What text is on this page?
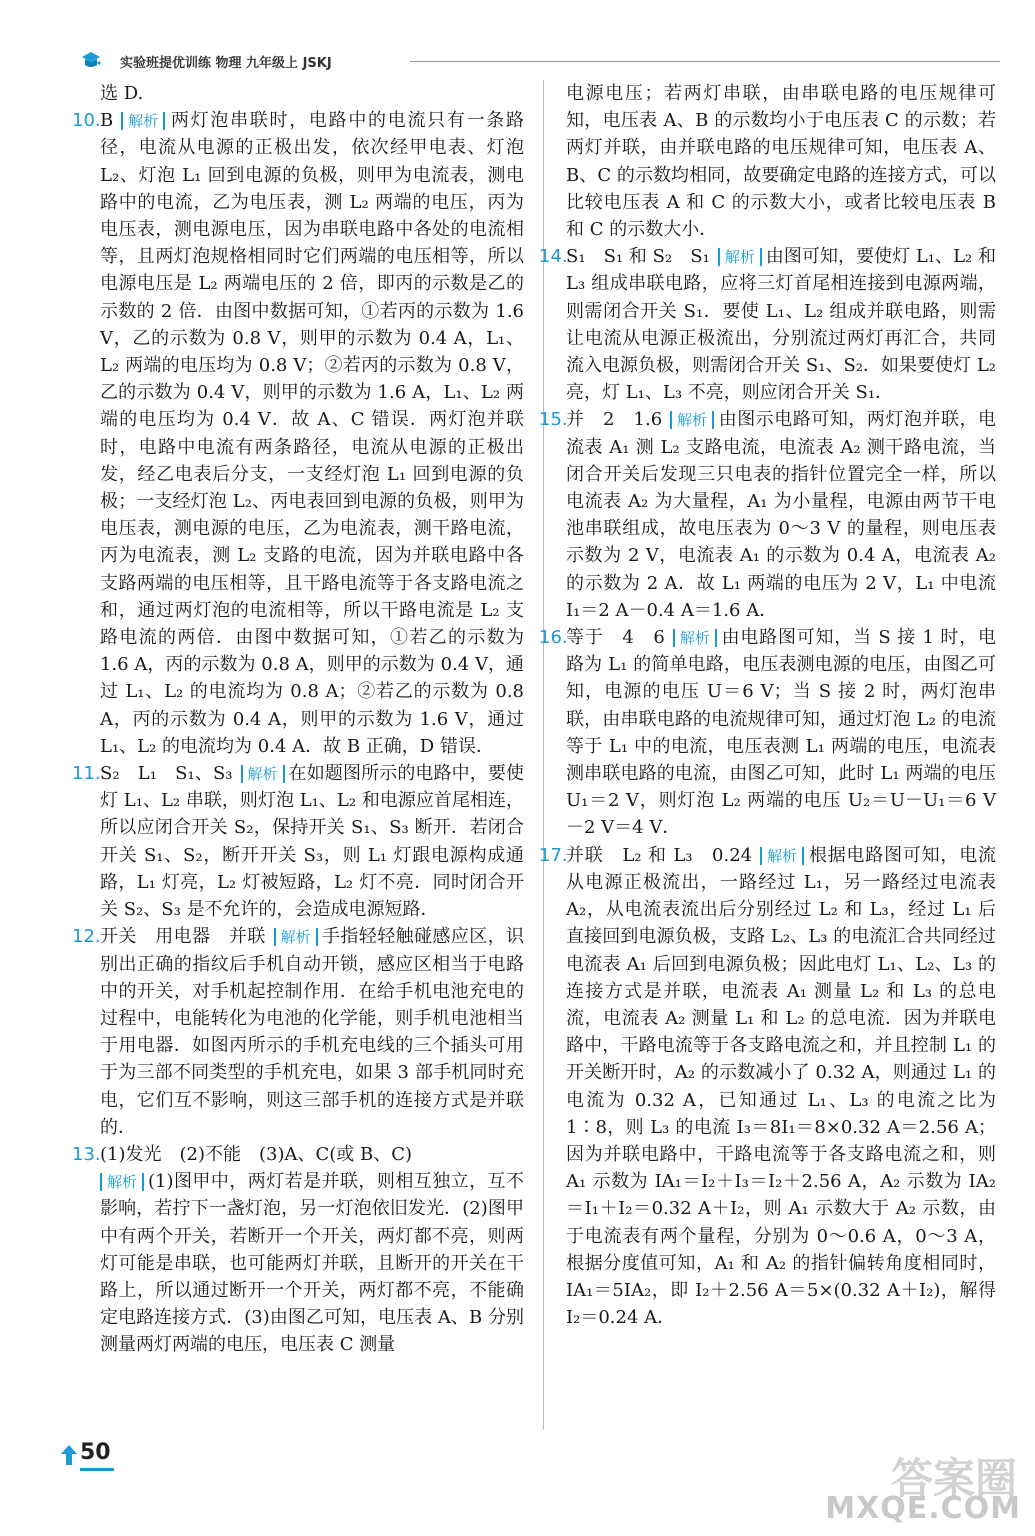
实验班提优训练 物理 九年级上 JSKJ

选 D.

10. B 解析 两灯泡串联时，电路中的电流只有一条路径，电流从电源的正极出发，依次经甲电表、灯泡 L₂、灯泡 L₁ 回到电源的负极，则甲为电流表，测电路中的电流，乙为电压表，测 L₂ 两端的电压，丙为电压表，测电源电压，因为串联电路中各处的电流相等，且两灯泡规格相同时它们两端的电压相等，所以电源电压是 L₂ 两端电压的 2 倍，即丙的示数是乙的示数的 2 倍．由图中数据可知，①若丙的示数为 1.6 V，乙的示数为 0.8 V，则甲的示数为 0.4 A，L₁、L₂ 两端的电压均为 0.8 V；②若丙的示数为 0.8 V，乙的示数为 0.4 V，则甲的示数为 1.6 A，L₁、L₂ 两端的电压均为 0.4 V．故 A、C 错误．两灯泡并联时，电路中电流有两条路径，电流从电源的正极出发，经乙电表后分支，一支经灯泡 L₁ 回到电源的负极；一支经灯泡 L₂、丙电表回到电源的负极，则甲为电压表，测电源的电压，乙为电流表，测干路电流，丙为电流表，测 L₂ 支路的电流，因为并联电路中各支路两端的电压相等，且干路电流等于各支路电流之和，通过两灯泡的电流相等，所以干路电流是 L₂ 支路电流的两倍．由图中数据可知，①若乙的示数为 1.6 A，丙的示数为 0.8 A，则甲的示数为 0.4 V，通过 L₁、L₂ 的电流均为 0.8 A；②若乙的示数为 0.8 A，丙的示数为 0.4 A，则甲的示数为 1.6 V，通过 L₁、L₂ 的电流均为 0.4 A．故 B 正确，D 错误．

11. S₂　L₁　S₁、S₃ 解析 在如题图所示的电路中，要使灯 L₁、L₂ 串联，则灯泡 L₁、L₂ 和电源应首尾相连，所以应闭合开关 S₂，保持开关 S₁、S₃ 断开．若闭合开关 S₁、S₂，断开开关 S₃，则 L₁ 灯跟电源构成通路，L₁ 灯亮，L₂ 灯被短路，L₂ 灯不亮．同时闭合开关 S₂、S₃ 是不允许的，会造成电源短路．

12. 开关　用电器　并联 解析 手指轻轻触碰感应区，识别出正确的指纹后手机自动开锁，感应区相当于电路中的开关，对手机起控制作用．在给手机电池充电的过程中，电能转化为电池的化学能，则手机电池相当于用电器．如图丙所示的手机充电线的三个插头可用于为三部不同类型的手机充电，如果 3 部手机同时充电，它们互不影响，则这三部手机的连接方式是并联的．

13. (1)发光　(2)不能　(3)A、C(或 B、C)

解析 (1)图甲中，两灯若是并联，则相互独立，互不影响，若拧下一盏灯泡，另一灯泡依旧发光．(2)图甲中有两个开关，若断开一个开关，两灯都不亮，则两灯可能是串联，也可能两灯并联，且断开的开关在干路上，所以通过断开一个开关，两灯都不亮，不能确定电路连接方式．(3)由图乙可知，电压表 A、B 分别测量两灯两端的电压，电压表 C 测量

电源电压；若两灯串联，由串联电路的电压规律可知，电压表 A、B 的示数均小于电压表 C 的示数；若两灯并联，由并联电路的电压规律可知，电压表 A、B、C 的示数均相同，故要确定电路的连接方式，可以比较电压表 A 和 C 的示数大小，或者比较电压表 B 和 C 的示数大小．

14.

S₁　S₁ 和 S₂　S₁ 解析 由图可知，要使灯 L₁、L₂ 和 L₃ 组成串联电路，应将三灯首尾相连接到电源两端，则需闭合开关 S₁．要使 L₁、L₂ 组成并联电路，则需让电流从电源正极流出，分别流过两灯再汇合，共同流入电源负极，则需闭合开关 S₁、S₂．如果要使灯 L₂ 亮，灯 L₁、L₃ 不亮，则应闭合开关 S₁．

15.

并　2　1.6 解析 由图示电路可知，两灯泡并联，电流表 A₁ 测 L₂ 支路电流，电流表 A₂ 测干路电流，当闭合开关后发现三只电表的指针位置完全一样，所以电流表 A₂ 为大量程，A₁ 为小量程，电源由两节干电池串联组成，故电压表为 0～3 V 的量程，则电压表示数为 2 V，电流表 A₁ 的示数为 0.4 A，电流表 A₂ 的示数为 2 A．故 L₁ 两端的电压为 2 V，L₁ 中电流 I₁＝2 A－0.4 A＝1.6 A．

16.

等于　4　6 解析 由电路图可知，当 S 接 1 时，电路为 L₁ 的简单电路，电压表测电源的电压，由图乙可知，电源的电压 U＝6 V；当 S 接 2 时，两灯泡串联，由串联电路的电流规律可知，通过灯泡 L₂ 的电流等于 L₁ 中的电流，电压表测 L₁ 两端的电压，电流表测串联电路的电流，由图乙可知，此时 L₁ 两端的电压 U₁＝2 V，则灯泡 L₂ 两端的电压 U₂＝U－U₁＝6 V－2 V＝4 V．

17.

并联　L₂ 和 L₃　0.24 解析 根据电路图可知，电流从电源正极流出，一路经过 L₁，另一路经过电流表 A₂，从电流表流出后分别经过 L₂ 和 L₃，经过 L₁ 后直接回到电源负极，支路 L₂、L₃ 的电流汇合共同经过电流表 A₁ 后回到电源负极；因此电灯 L₁、L₂、L₃ 的连接方式是并联，电流表 A₁ 测量 L₂ 和 L₃ 的总电流，电流表 A₂ 测量 L₁ 和 L₂ 的总电流．因为并联电路中，干路电流等于各支路电流之和，并且控制 L₁ 的开关断开时，A₂ 的示数减小了 0.32 A，则通过 L₁ 的电流为 0.32 A，已知通过 L₁、L₃ 的电流之比为 1∶8，则 L₃ 的电流 I₃＝8I₁＝8×0.32 A＝2.56 A；因为并联电路中，干路电流等于各支路电流之和，则 A₁ 示数为 IA₁＝I₂＋I₃＝I₂＋2.56 A，A₂ 示数为 IA₂＝I₁＋I₂＝0.32 A＋I₂，则 A₁ 示数大于 A₂ 示数，由于电流表有两个量程，分别为 0～0.6 A，0～3 A，根据分度值可知，A₁ 和 A₂ 的指针偏转角度相同时，IA₁＝5IA₂，即 I₂＋2.56 A＝5×(0.32 A＋I₂)，解得 I₂＝0.24 A．

50
答案圈
MXQE.COM
